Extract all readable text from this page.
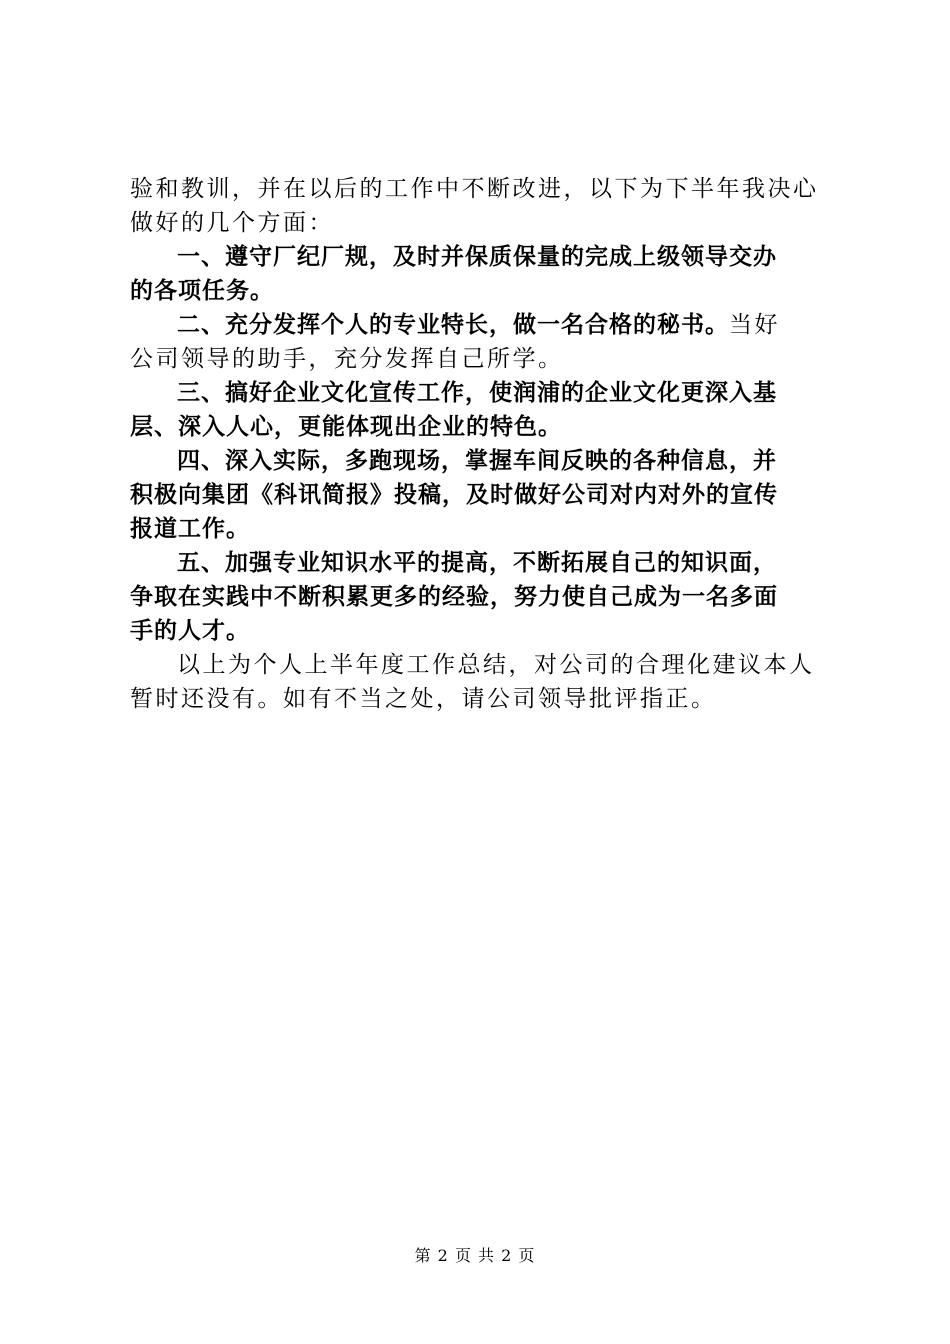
验和教训，并在以后的工作中不断改进，以下为下半年我决心
做好的几个方面：
一、遵守厂纪厂规，及时并保质保量的完成上级领导交办
的各项任务。
二、充分发挥个人的专业特长，做一名合格的秘书。当好
公司领导的助手，充分发挥自己所学。
三、搞好企业文化宣传工作，使润浦的企业文化更深入基
层、深入人心，更能体现出企业的特色。
四、深入实际，多跑现场，掌握车间反映的各种信息，并
积极向集团《科讯简报》投稿，及时做好公司对内对外的宣传
报道工作。
五、加强专业知识水平的提高，不断拓展自己的知识面，
争取在实践中不断积累更多的经验，努力使自己成为一名多面
手的人才。
以上为个人上半年度工作总结，对公司的合理化建议本人
暂时还没有。如有不当之处，请公司领导批评指正。
第 2 页 共 2 页
